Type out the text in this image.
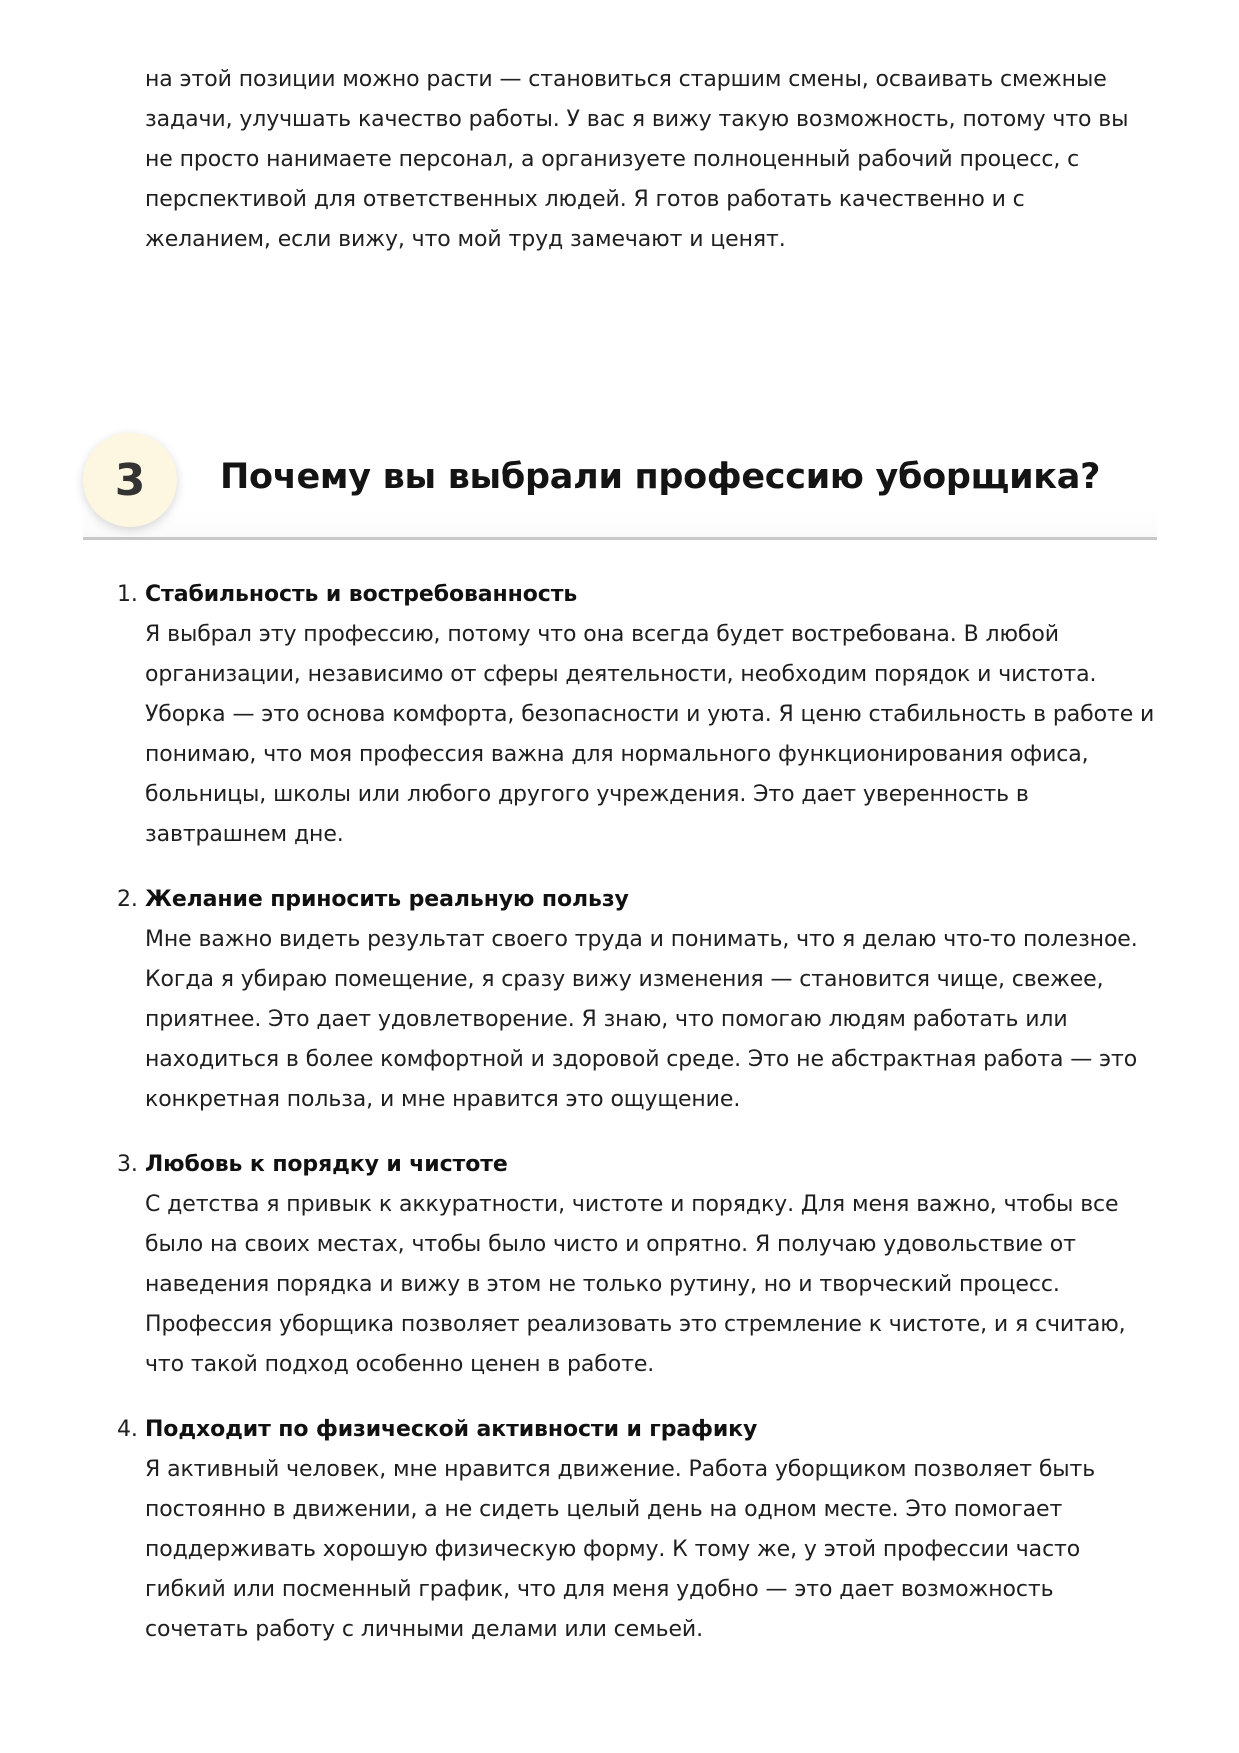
на этой позиции можно расти — становиться старшим смены, осваивать смежные задачи, улучшать качество работы. У вас я вижу такую возможность, потому что вы не просто нанимаете персонал, а организуете полноценный рабочий процесс, с перспективой для ответственных людей. Я готов работать качественно и с желанием, если вижу, что мой труд замечают и ценят.

3	Почему вы выбрали профессию уборщика?
1. Стабильность и востребованность
Я выбрал эту профессию, потому что она всегда будет востребована. В любой организации, независимо от сферы деятельности, необходим порядок и чистота. Уборка — это основа комфорта, безопасности и уюта. Я ценю стабильность в работе и понимаю, что моя профессия важна для нормального функционирования офиса, больницы, школы или любого другого учреждения. Это дает уверенность в завтрашнем дне.
2. Желание приносить реальную пользу
Мне важно видеть результат своего труда и понимать, что я делаю что-то полезное. Когда я убираю помещение, я сразу вижу изменения — становится чище, свежее, приятнее. Это дает удовлетворение. Я знаю, что помогаю людям работать или находиться в более комфортной и здоровой среде. Это не абстрактная работа — это конкретная польза, и мне нравится это ощущение.
3. Любовь к порядку и чистоте
С детства я привык к аккуратности, чистоте и порядку. Для меня важно, чтобы все было на своих местах, чтобы было чисто и опрятно. Я получаю удовольствие от наведения порядка и вижу в этом не только рутину, но и творческий процесс. Профессия уборщика позволяет реализовать это стремление к чистоте, и я считаю, что такой подход особенно ценен в работе.
4. Подходит по физической активности и графику
Я активный человек, мне нравится движение. Работа уборщиком позволяет быть постоянно в движении, а не сидеть целый день на одном месте. Это помогает поддерживать хорошую физическую форму. К тому же, у этой профессии часто гибкий или посменный график, что для меня удобно — это дает возможность сочетать работу с личными делами или семьей.
